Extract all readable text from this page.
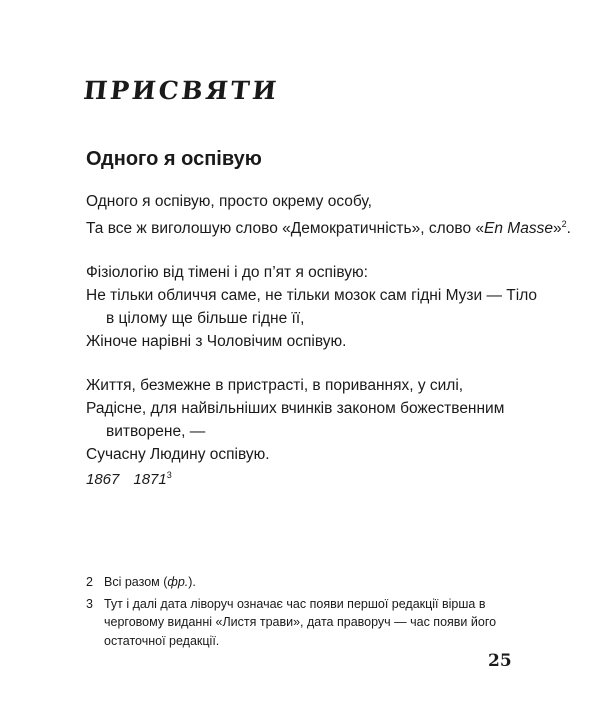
присвяти
Одного я оспівую
Одного я оспівую, просто окрему особу,
Та все ж виголошую слово «Демократичність», слово «En Masse»$^2$.
Фізіологію від тімені і до п’ят я оспівую:
Не тільки обличчя саме, не тільки мозок сам гідні Музи — Тіло
в цілому ще більше гідне її,
Жіноче нарівні з Чоловічим оспівую.
Життя, безмежне в пристрасті, в пориваннях, у силі,
Радісне, для найвільніших вчинків законом божественним
витворене, —
Сучасну Людину оспівую.
1867 1871$^3$
2 Всі разом (фр.).
3 Тут і далі дата ліворуч означає час появи першої редакції вірша в черговому виданні «Листя трави», дата праворуч — час появи його остаточної редакції.
25
